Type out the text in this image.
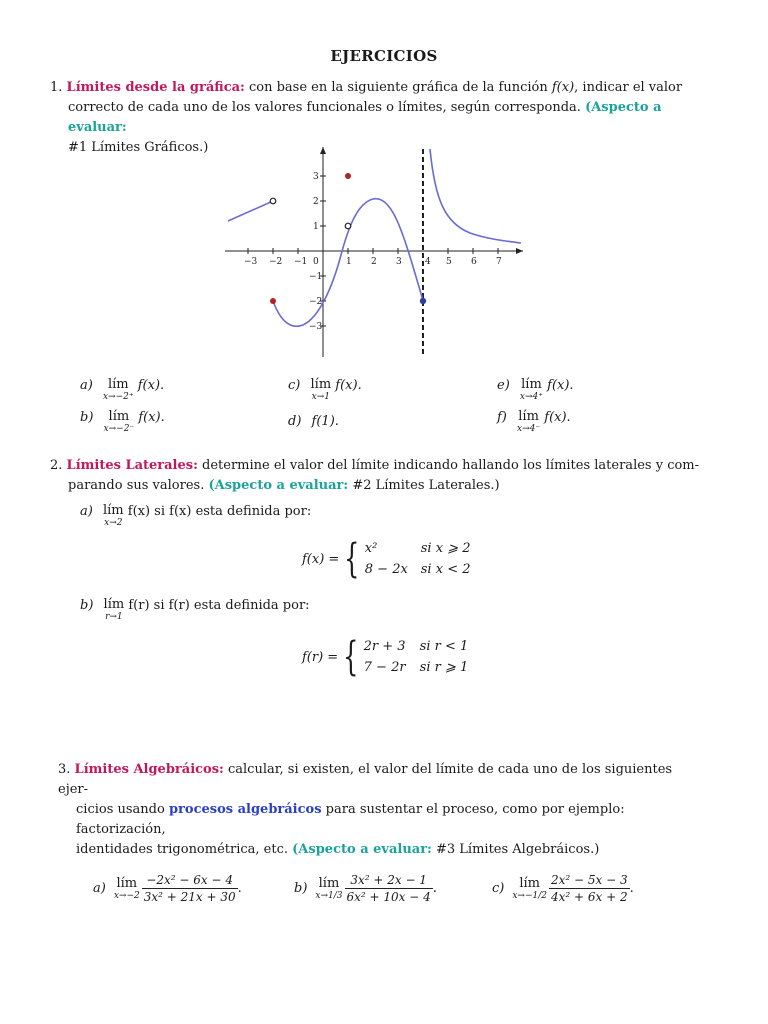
EJERCICIOS
1. Límites desde la gráfica: con base en la siguiente gráfica de la función f(x), indicar el valor
correcto de cada uno de los valores funcionales o límites, según corresponda. (Aspecto a evaluar:
#1 Límites Gráficos.)
−3 −2 −1 0	1 2 3	4 5 6 7
3
2
1
−1
−2
−3
a) lím
x→−2⁺
f(x).
b) lím
x→−2⁻
f(x).
c) lím
x→1
f(x).
d) f(1).
e) lím
x→4⁺
f(x).
f) lím
x→4⁻
f(x).
2. Límites Laterales: determine el valor del límite indicando hallando los límites laterales y com-
parando sus valores. (Aspecto a evaluar: #2 Límites Laterales.)
a) lím
x→2
f(x) si f(x) esta definida por:
f(x) = { x²	si x ⩾ 2
8 − 2x si x < 2
b) lím
r→1
f(r) si f(r) esta definida por:
f(r) = { 2r + 3 si r < 1
7 − 2r si r ⩾ 1
3. Límites Algebráicos: calcular, si existen, el valor del límite de cada uno de los siguientes ejer-
cicios usando procesos algebráicos para sustentar el proceso, como por ejemplo: factorización,
identidades trigonométrica, etc. (Aspecto a evaluar: #3 Límites Algebráicos.)
a) lím
$x\to-2 \frac{\text{−2x² − 6x − 4}}{\text{3x² + 21x + 30}}$ .	b) lím
$x\to 1/3 \frac{\text{3x² + 2x − 1}}{\text{6x² + 10x − 4}}$ .	c)	lím
$x\to-1/2 \frac{\text{2x² − 5x − 3}}{\text{4x² + 6x + 2}}$ .
